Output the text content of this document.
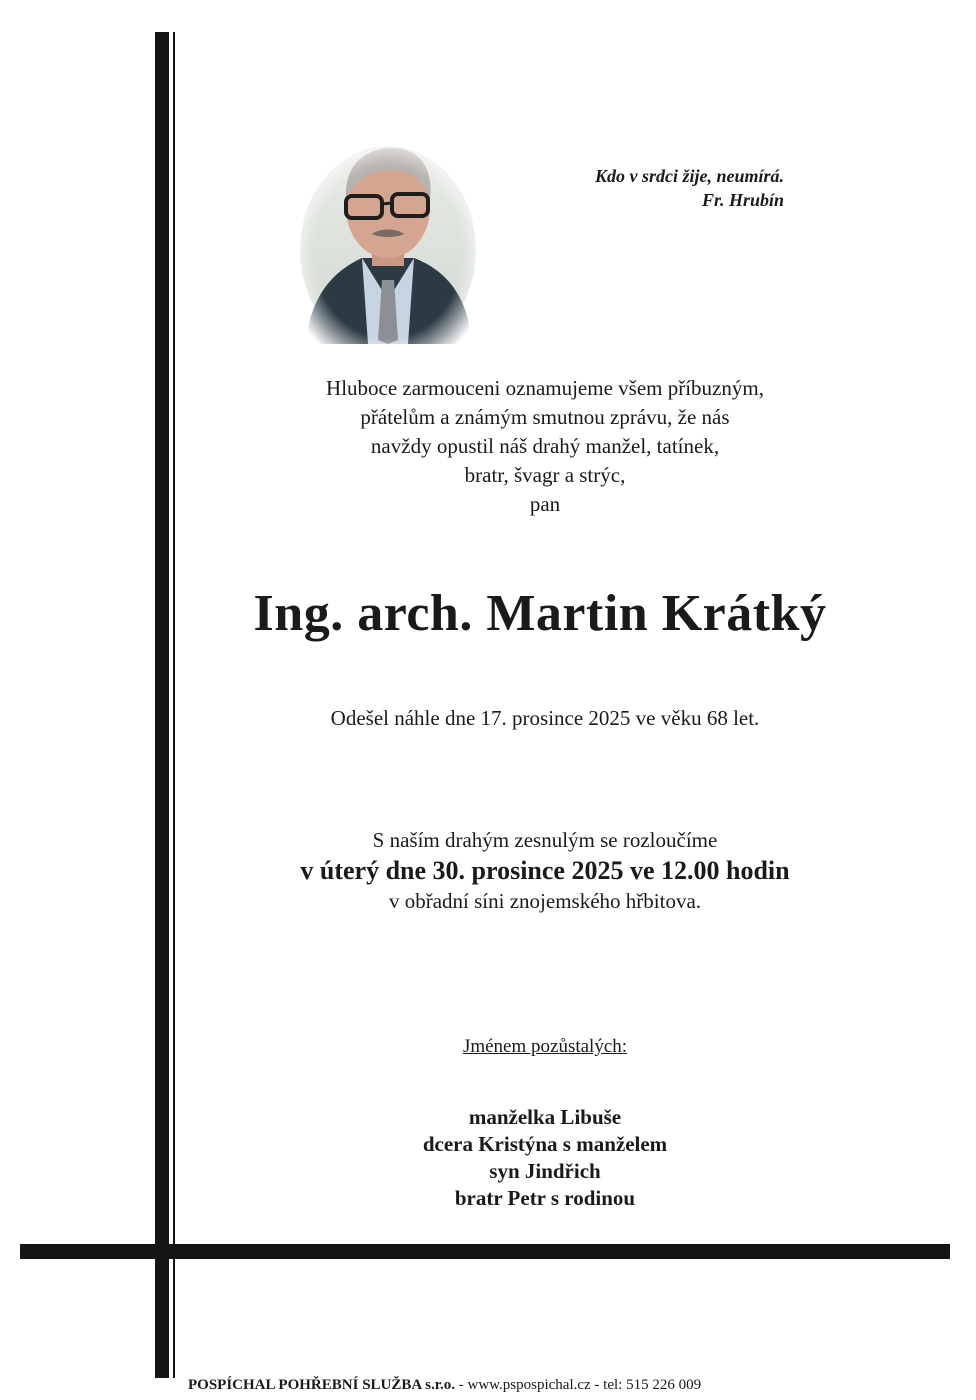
Kdo v srdci žije, neumírá.
Fr. Hrubín
Hluboce zarmouceni oznamujeme všem příbuzným,
přátelům a známým smutnou zprávu, že nás
navždy opustil náš drahý manžel, tatínek,
bratr, švagr a strýc,
pan
Ing. arch. Martin Krátký
Odešel náhle dne 17. prosince 2025 ve věku 68 let.
S naším drahým zesnulým se rozloučíme
v úterý dne 30. prosince 2025 ve 12.00 hodin
v obřadní síni znojemského hřbitova.
Jménem pozůstalých:
manželka Libuše
dcera Kristýna s manželem
syn Jindřich
bratr Petr s rodinou
POSPÍCHAL POHŘEBNÍ SLUŽBA s.r.o. - www.pspospichal.cz - tel: 515 226 009
